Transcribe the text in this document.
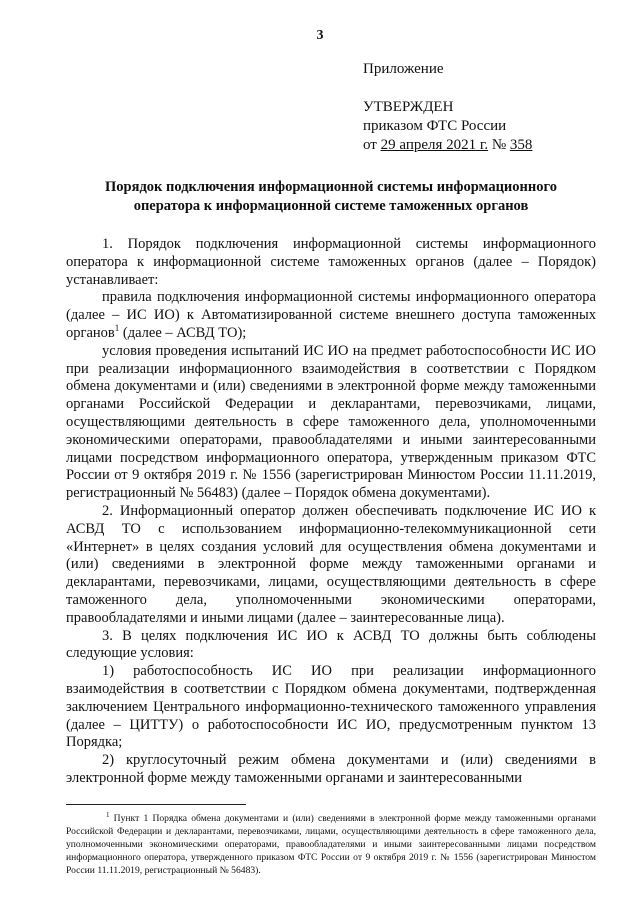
3
Приложение
УТВЕРЖДЕН
приказом ФТС России
от 29 апреля 2021 г. № 358
Порядок подключения информационной системы информационного
оператора к информационной системе таможенных органов

1. Порядок подключения информационной системы информационного оператора к информационной системе таможенных органов (далее – Порядок) устанавливает:

правила подключения информационной системы информационного оператора (далее – ИС ИО) к Автоматизированной системе внешнего доступа таможенных органов$^1$ (далее – АСВД ТО);

условия проведения испытаний ИС ИО на предмет работоспособности ИС ИО при реализации информационного взаимодействия в соответствии с Порядком обмена документами и (или) сведениями в электронной форме между таможенными органами Российской Федерации и декларантами, перевозчиками, лицами, осуществляющими деятельность в сфере таможенного дела, уполномоченными экономическими операторами, правообладателями и иными заинтересованными лицами посредством информационного оператора, утвержденным приказом ФТС России от 9 октября 2019 г. № 1556 (зарегистрирован Минюстом России 11.11.2019, регистрационный № 56483) (далее – Порядок обмена документами).

2. Информационный оператор должен обеспечивать подключение ИС ИО к АСВД ТО с использованием информационно-телекоммуникационной сети «Интернет» в целях создания условий для осуществления обмена документами и (или) сведениями в электронной форме между таможенными органами и декларантами, перевозчиками, лицами, осуществляющими деятельность в сфере таможенного дела, уполномоченными экономическими операторами, правообладателями и иными лицами (далее – заинтересованные лица).

3. В целях подключения ИС ИО к АСВД ТО должны быть соблюдены следующие условия:

1) работоспособность ИС ИО при реализации информационного взаимодействия в соответствии с Порядком обмена документами, подтвержденная заключением Центрального информационно-технического таможенного управления (далее – ЦИТТУ) о работоспособности ИС ИО, предусмотренным пунктом 13 Порядка;

2) круглосуточный режим обмена документами и (или) сведениями в электронной форме между таможенными органами и заинтересованными

$^1$ Пункт 1 Порядка обмена документами и (или) сведениями в электронной форме между таможенными органами Российской Федерации и декларантами, перевозчиками, лицами, осуществляющими деятельность в сфере таможенного дела, уполномоченными экономическими операторами, правообладателями и иными заинтересованными лицами посредством информационного оператора, утвержденного приказом ФТС России от 9 октября 2019 г. № 1556 (зарегистрирован Минюстом России 11.11.2019, регистрационный № 56483).
